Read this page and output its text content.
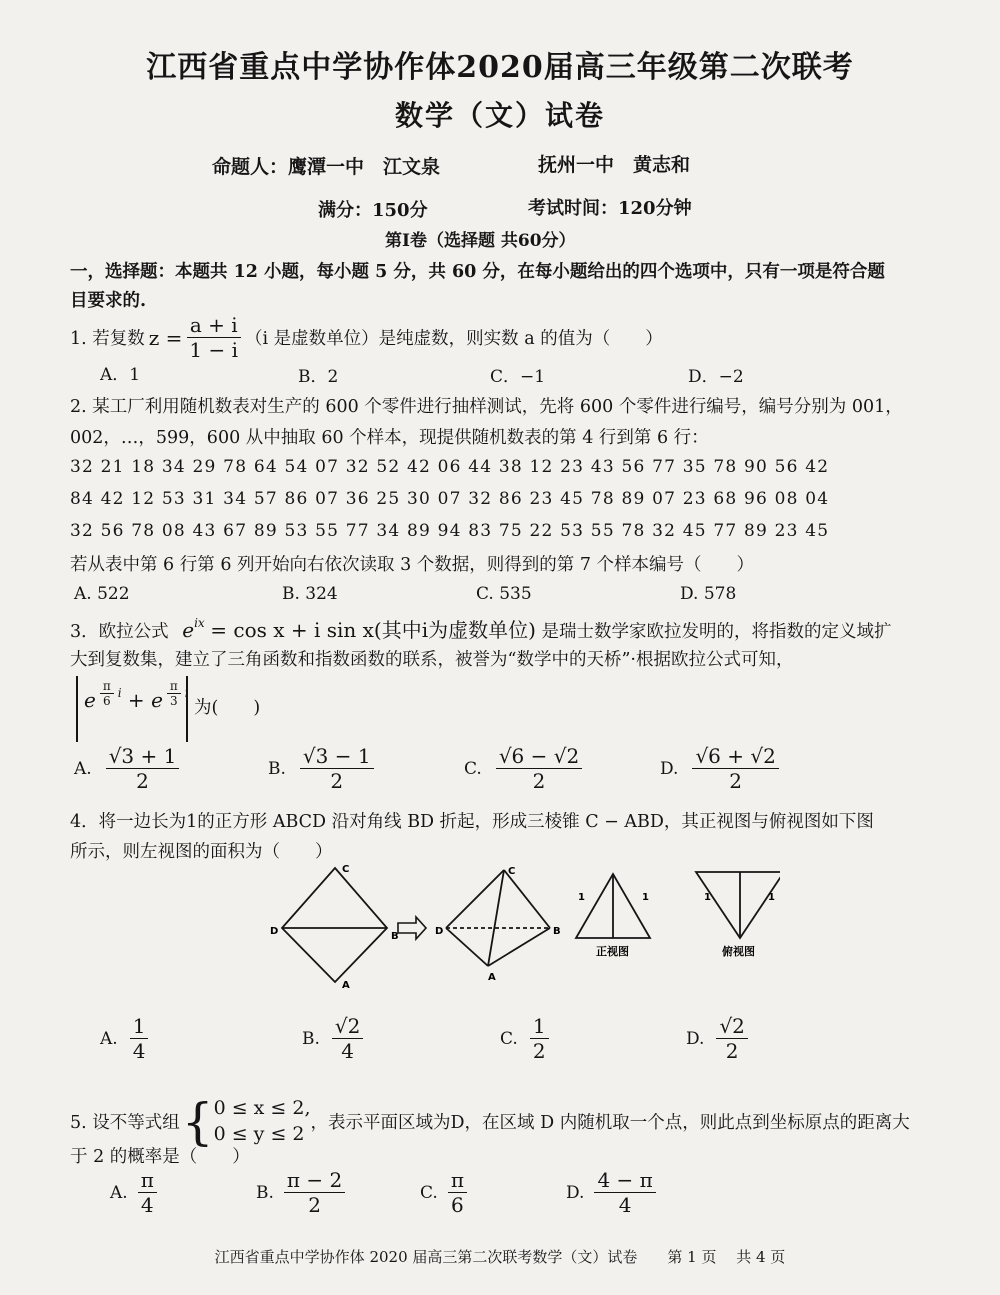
江西省重点中学协作体2020届高三年级第二次联考
数学（文）试卷
命题人：鹰潭一中　江文泉	抚州一中　黄志和
满分：150分	考试时间：120分钟
第Ⅰ卷（选择题 共60分）
一，选择题：本题共 12 小题，每小题 5 分，共 60 分，在每小题给出的四个选项中，只有一项是符合题
目要求的.
1. 若复数 $z = \frac{a + i}{1 - i} (i$ 是虚数单位）是纯虚数，则实数 a 的值为（　　）
A．1	B．2	C．−1	D．−2
2. 某工厂利用随机数表对生产的 600 个零件进行抽样测试，先将 600 个零件进行编号，编号分别为 001，
002，…，599，600 从中抽取 60 个样本，现提供随机数表的第 4 行到第 6 行：
32 21 18 34 29 78 64 54 07 32 52 42 06 44 38 12 23 43 56 77 35 78 90 56 42
84 42 12 53 31 34 57 86 07 36 25 30 07 32 86 23 45 78 89 07 23 68 96 08 04
32 56 78 08 43 67 89 53 55 77 34 89 94 83 75 22 53 55 78 32 45 77 89 23 45
若从表中第 6 行第 6 列开始向右依次读取 3 个数据，则得到的第 7 个样本编号（　　）
A. 522	B. 324	C. 535	D. 578
3．欧拉公式 $e^{ix} = \cos x + i$ sin x(其中i为虚数单位) 是瑞士数学家欧拉发明的，将指数的定义域扩
大到复数集，建立了三角函数和指数函数的联系，被誉为“数学中的天桥”·根据欧拉公式可知，
e $^{\frac{\pi}{6} i}$ + e $^{\frac{\pi}{3} i}$
为(　　)
A. $\frac{√3 + 1}{2}$	B. $\frac{√3 - 1}{2}$	C. $\frac{√6 - √2}{2}$	D. $\frac{√6 + √2}{2}$
4．将一边长为1的正方形 ABCD 沿对角线 BD 折起，形成三棱锥 C − ABD，其正视图与俯视图如下图
所示，则左视图的面积为（　　）
C
D	B
A
C
D	B
A
1	1
正视图
1	1
俯视图
A. $\frac{1}{4}$	B. $\frac{√2}{4}$	C. $\frac{1}{2}$	D. $\frac{√2}{2}$
5. 设不等式组 { 0 ≤ x ≤ 2,
0 ≤ y ≤ 2 ，表示平面区域为D，在区域 D 内随机取一个点，则此点到坐标原点的距离大
于 2 的概率是（　　）
A. $\frac{\pi}{4}$	B. $\frac{\pi - 2}{2}$	C. $\frac{\pi}{6}$	D. $\frac{4 - \pi}{4}$
江西省重点中学协作体 2020 届高三第二次联考数学（文）试卷　　第 1 页　 共 4 页
